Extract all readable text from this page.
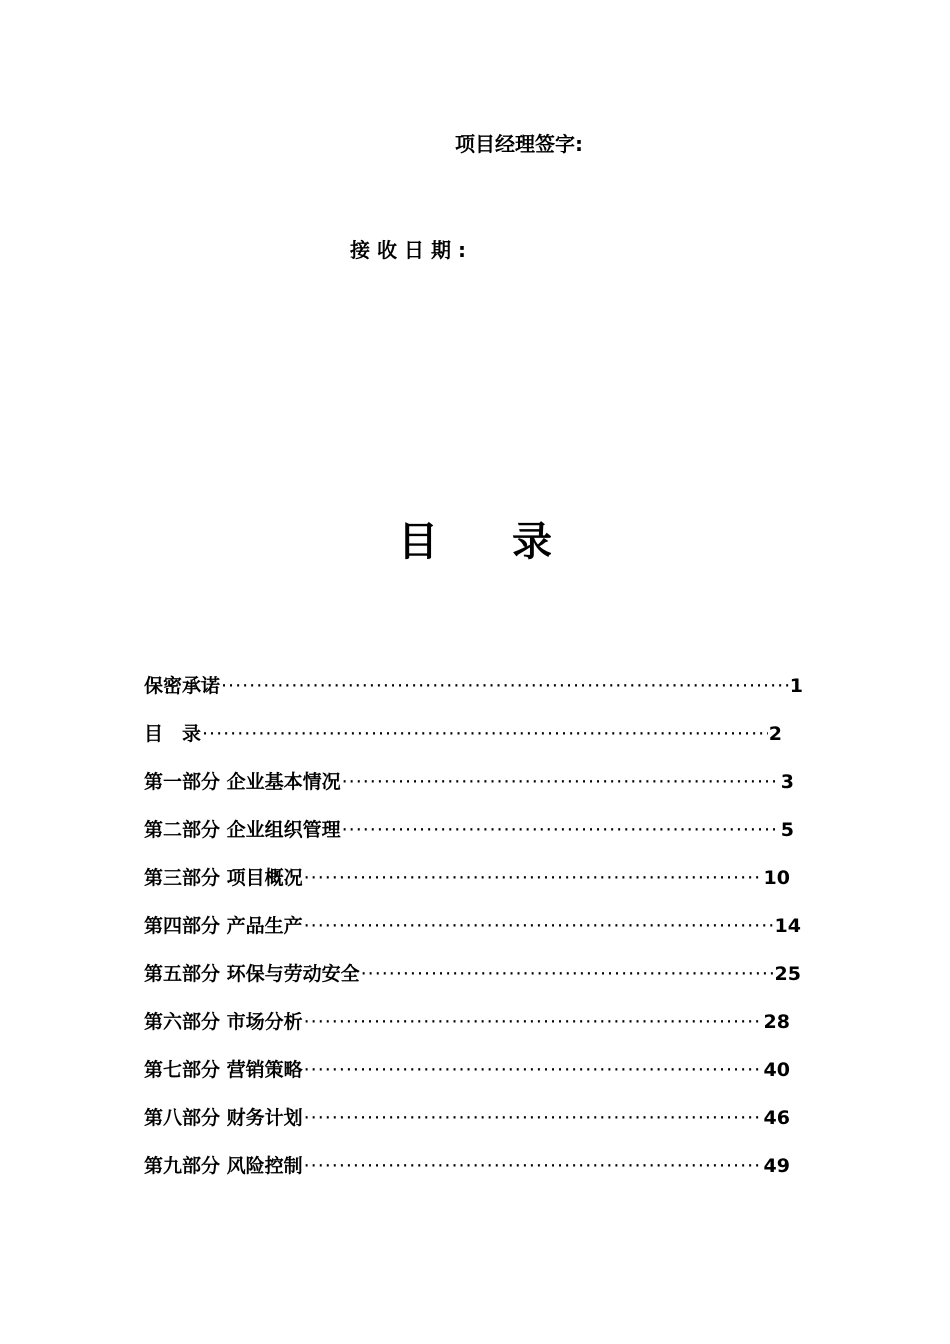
项目经理签字:
接收日期:
目 录
保密承诺 ·····	1
目　录 ·····	2
第一部分 企业基本情况 ·····	3
第二部分 企业组织管理 ·····	5
第三部分 项目概况 ·····	10
第四部分 产品生产 ·····	14
第五部分 环保与劳动安全 ·····	25
第六部分 市场分析 ·····	28
第七部分 营销策略 ·····	40
第八部分 财务计划 ·····	46
第九部分 风险控制 ·····	49
